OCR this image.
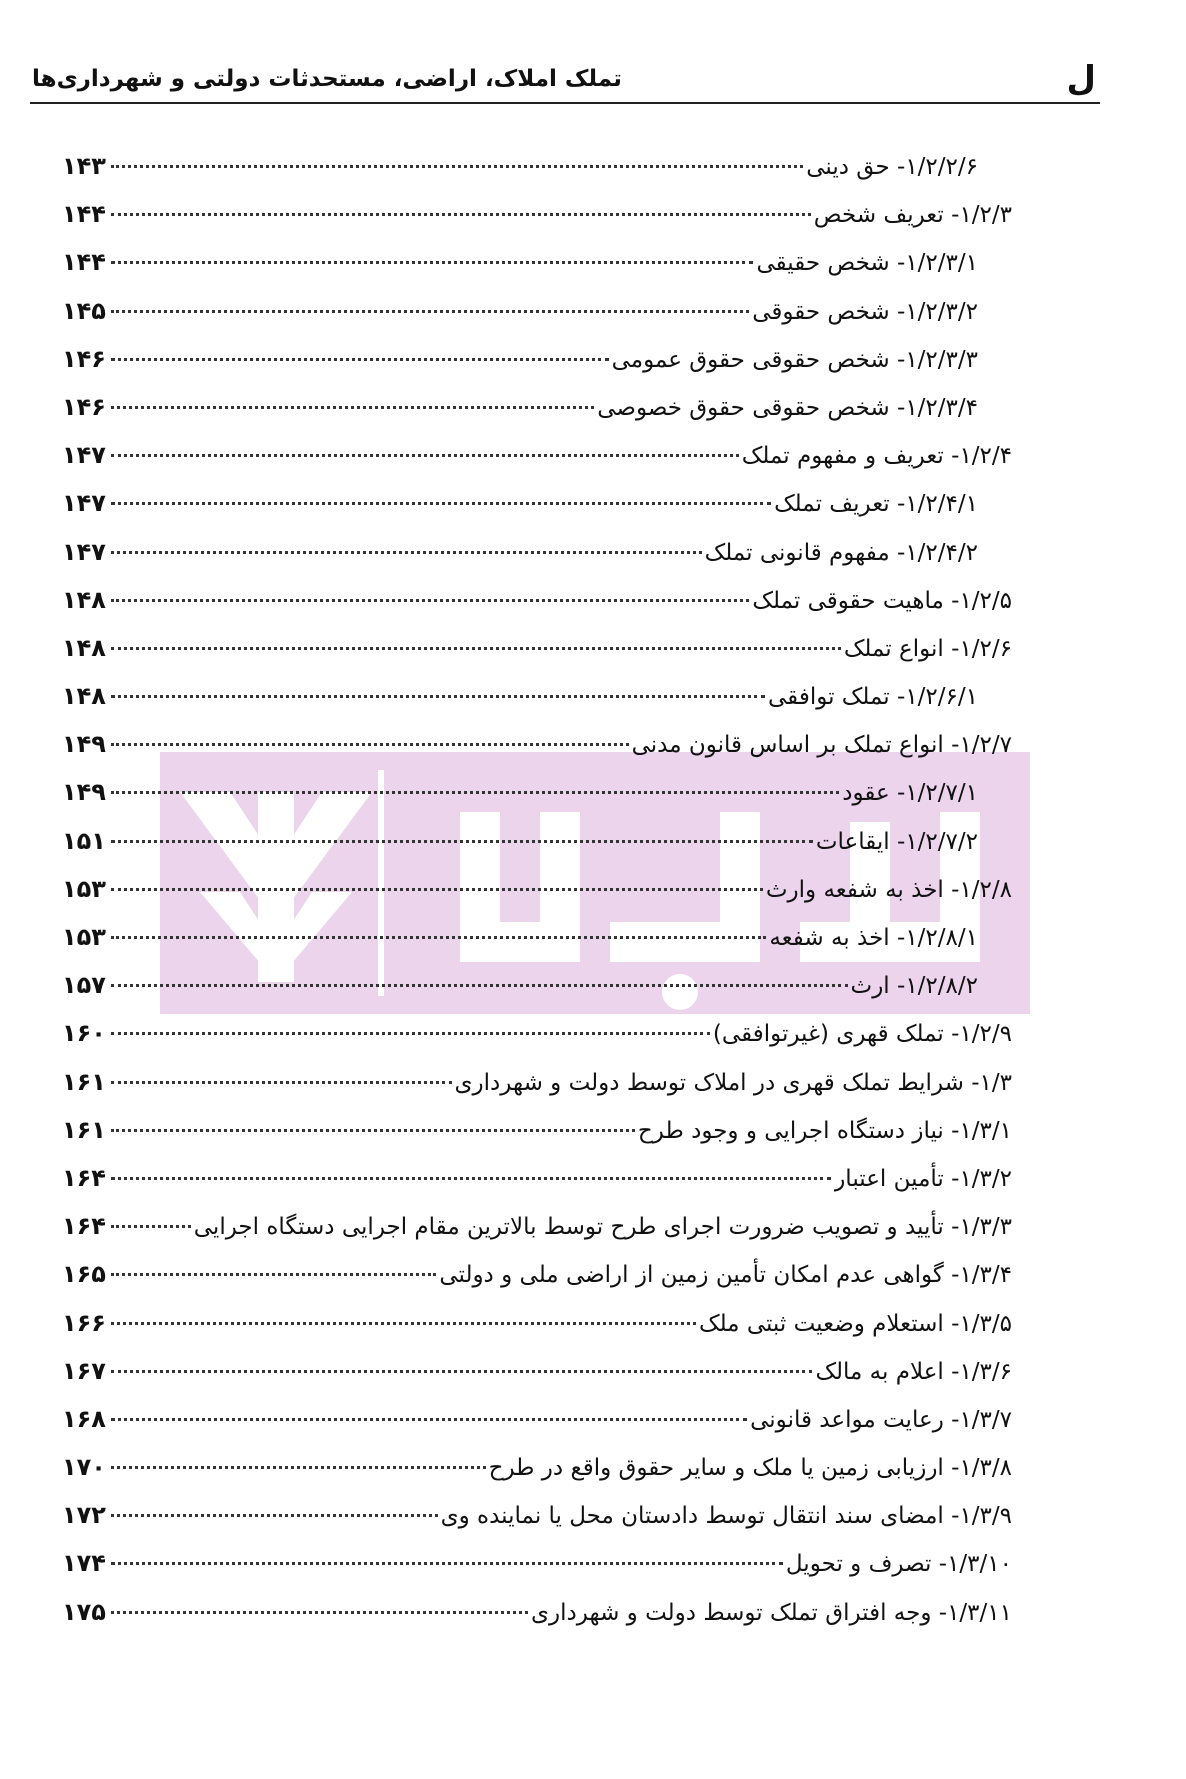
ل
تملک املاک، اراضی، مستحدثات دولتی و شهرداری‌ها
۱/۲/۲/۶- حق دینی
۱۴۳
۱/۲/۳- تعریف شخص
۱۴۴
۱/۲/۳/۱- شخص حقیقی
۱۴۴
۱/۲/۳/۲- شخص حقوقی
۱۴۵
۱/۲/۳/۳- شخص حقوقی حقوق عمومی
۱۴۶
۱/۲/۳/۴- شخص حقوقی حقوق خصوصی
۱۴۶
۱/۲/۴- تعریف و مفهوم تملک
۱۴۷
۱/۲/۴/۱- تعریف تملک
۱۴۷
۱/۲/۴/۲- مفهوم قانونی تملک
۱۴۷
۱/۲/۵- ماهیت حقوقی تملک
۱۴۸
۱/۲/۶- انواع تملک
۱۴۸
۱/۲/۶/۱- تملک توافقی
۱۴۸
۱/۲/۷- انواع تملک بر اساس قانون مدنی
۱۴۹
۱/۲/۷/۱- عقود
۱۴۹
۱/۲/۷/۲- ایقاعات
۱۵۱
۱/۲/۸- اخذ به شفعه وارث
۱۵۳
۱/۲/۸/۱- اخذ به شفعه
۱۵۳
۱/۲/۸/۲- ارث
۱۵۷
۱/۲/۹- تملک قهری (غیرتوافقی)
۱۶۰
۱/۳- شرایط تملک قهری در املاک توسط دولت و شهرداری
۱۶۱
۱/۳/۱- نیاز دستگاه اجرایی و وجود طرح
۱۶۱
۱/۳/۲- تأمین اعتبار
۱۶۴
۱/۳/۳- تأیید و تصویب ضرورت اجرای طرح توسط بالاترین مقام اجرایی دستگاه اجرایی
۱۶۴
۱/۳/۴- گواهی عدم امکان تأمین زمین از اراضی ملی و دولتی
۱۶۵
۱/۳/۵- استعلام وضعیت ثبتی ملک
۱۶۶
۱/۳/۶- اعلام به مالک
۱۶۷
۱/۳/۷- رعایت مواعد قانونی
۱۶۸
۱/۳/۸- ارزیابی زمین یا ملک و سایر حقوق واقع در طرح
۱۷۰
۱/۳/۹- امضای سند انتقال توسط دادستان محل یا نماینده وی
۱۷۲
۱/۳/۱۰- تصرف و تحویل
۱۷۴
۱/۳/۱۱- وجه افتراق تملک توسط دولت و شهرداری
۱۷۵
